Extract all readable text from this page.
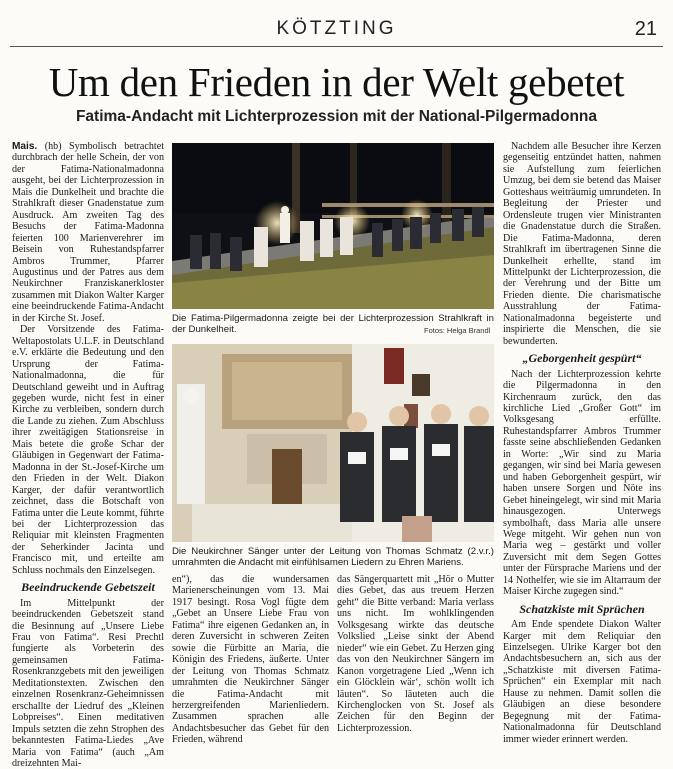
KÖTZTING	21
Um den Frieden in der Welt gebetet
Fatima-Andacht mit Lichterprozession mit der National-Pilgermadonna

Mais. (hb) Symbolisch betrachtet durchbrach der helle Schein, der von der Fatima-Nationalmadonna ausgeht, bei der Lichterprozession in Mais die Dunkelheit und brachte die Strahlkraft dieser Gnadenstatue zum Ausdruck. Am zweiten Tag des Besuchs der Fatima-Madonna feierten 100 Marienverehrer im Beisein von Ruhestandspfarrer Ambros Trummer, Pfarrer Augustinus und der Patres aus dem Neukirchner Franziskanerkloster zusammen mit Diakon Walter Karger eine beeindruckende Fatima-Andacht in der Kirche St. Josef.

Der Vorsitzende des Fatima-Weltapostolats U.L.F. in Deutschland e.V. erklärte die Bedeutung und den Ursprung der Fatima-Nationalmadonna, die für Deutschland geweiht und in Auftrag gegeben wurde, nicht fest in einer Kirche zu verbleiben, sondern durch die Lande zu ziehen. Zum Abschluss ihrer zweitägigen Stationsreise in Mais betete die große Schar der Gläubigen in Gegenwart der Fatima-Madonna in der St.-Josef-Kirche um den Frieden in der Welt. Diakon Karger, der dafür verantwortlich zeichnet, dass die Botschaft von Fatima unter die Leute kommt, führte bei der Lichterprozession das Reliquiar mit kleinsten Fragmenten der Seherkinder Jacinta und Francisco mit, und erteilte am Schluss nochmals den Einzelsegen.

Beeindruckende Gebetszeit

Im Mittelpunkt der beeindruckenden Gebetszeit stand die Besinnung auf „Unsere Liebe Frau von Fatima“. Resi Prechtl fungierte als Vorbeterin des gemeinsamen Fatima-Rosenkranzgebets mit den jeweiligen Meditationstexten. Zwischen den einzelnen Rosenkranz-Geheimnissen erschallte der Liedruf des „Kleinen Lobpreises“. Einen meditativen Impuls setzten die zehn Strophen des bekanntesten Fatima-Liedes „Ave Maria von Fatima“ (auch „Am dreizehnten Mai-

Die Fatima-Pilgermadonna zeigte bei der Lichterprozession Strahlkraft in der Dunkelheit.	Fotos: Helga Brandl
Die Neukirchner Sänger unter der Leitung von Thomas Schmatz (2.v.r.) umrahmten die Andacht mit einfühlsamen Liedern zu Ehren Mariens.

en“), das die wundersamen Marienerscheinungen vom 13. Mai 1917 besingt. Rosa Vogl fügte dem „Gebet an Unsere Liebe Frau von Fatima“ ihre eigenen Gedanken an, in deren Zuversicht in schweren Zeiten sowie die Fürbitte an Maria, die Königin des Friedens, äußerte. Unter der Leitung von Thomas Schmatz umrahmten die Neukirchner Sänger die Fatima-Andacht mit herzergreifenden Marienliedern. Zusammen sprachen alle Andachtsbesucher das Gebet für den Frieden, während

das Sängerquartett mit „Hör o Mutter dies Gebet, das aus treuem Herzen geht“ die Bitte verband: Maria verlass uns nicht. Im wohlklingenden Volksgesang wirkte das deutsche Volkslied „Leise sinkt der Abend nieder“ wie ein Gebet. Zu Herzen ging das von den Neukirchner Sängern im Kanon vorgetragene Lied „Wenn ich ein Glöcklein wär‘, schön wollt ich läuten“. So läuteten auch die Kirchenglocken von St. Josef als Zeichen für den Beginn der Lichterprozession.

Nachdem alle Besucher ihre Kerzen gegenseitig entzündet hatten, nahmen sie Aufstellung zum feierlichen Umzug, bei dem sie betend das Maiser Gotteshaus weiträumig umrundeten. In Begleitung der Priester und Ordensleute trugen vier Ministranten die Gnadenstatue durch die Straßen. Die Fatima-Madonna, deren Strahlkraft im übertragenen Sinne die Dunkelheit erhellte, stand im Mittelpunkt der Lichterprozession, die der Verehrung und der Bitte um Frieden diente. Die charismatische Ausstrahlung der Fatima-Nationalmadonna begeisterte und inspirierte die Menschen, die sie bewunderten.

„Geborgenheit gespürt“

Nach der Lichterprozession kehrte die Pilgermadonna in den Kirchenraum zurück, den das kirchliche Lied „Großer Gott“ im Volksgesang erfüllte. Ruhestandspfarrer Ambros Trummer fasste seine abschließenden Gedanken in Worte: „Wir sind zu Maria gegangen, wir sind bei Maria gewesen und haben Geborgenheit gespürt, wir haben unsere Sorgen und Nöte ins Gebet hineingelegt, wir sind mit Maria hinausgezogen. Unterwegs symbolhaft, dass Maria alle unsere Wege mitgeht. Wir gehen nun von Maria weg – gestärkt und voller Zuversicht mit dem Segen Gottes unter der Fürsprache Mariens und der 14 Nothelfer, wie sie im Altarraum der Maiser Kirche zugegen sind.“

Schatzkiste mit Sprüchen

Am Ende spendete Diakon Walter Karger mit dem Reliquiar den Einzelsegen. Ulrike Karger bot den Andachtsbesuchern an, sich aus der „Schatzkiste mit diversen Fatima-Sprüchen“ ein Exemplar mit nach Hause zu nehmen. Damit sollen die Gläubigen an diese besondere Begegnung mit der Fatima-Nationalmadonna für Deutschland immer wieder erinnert werden.
